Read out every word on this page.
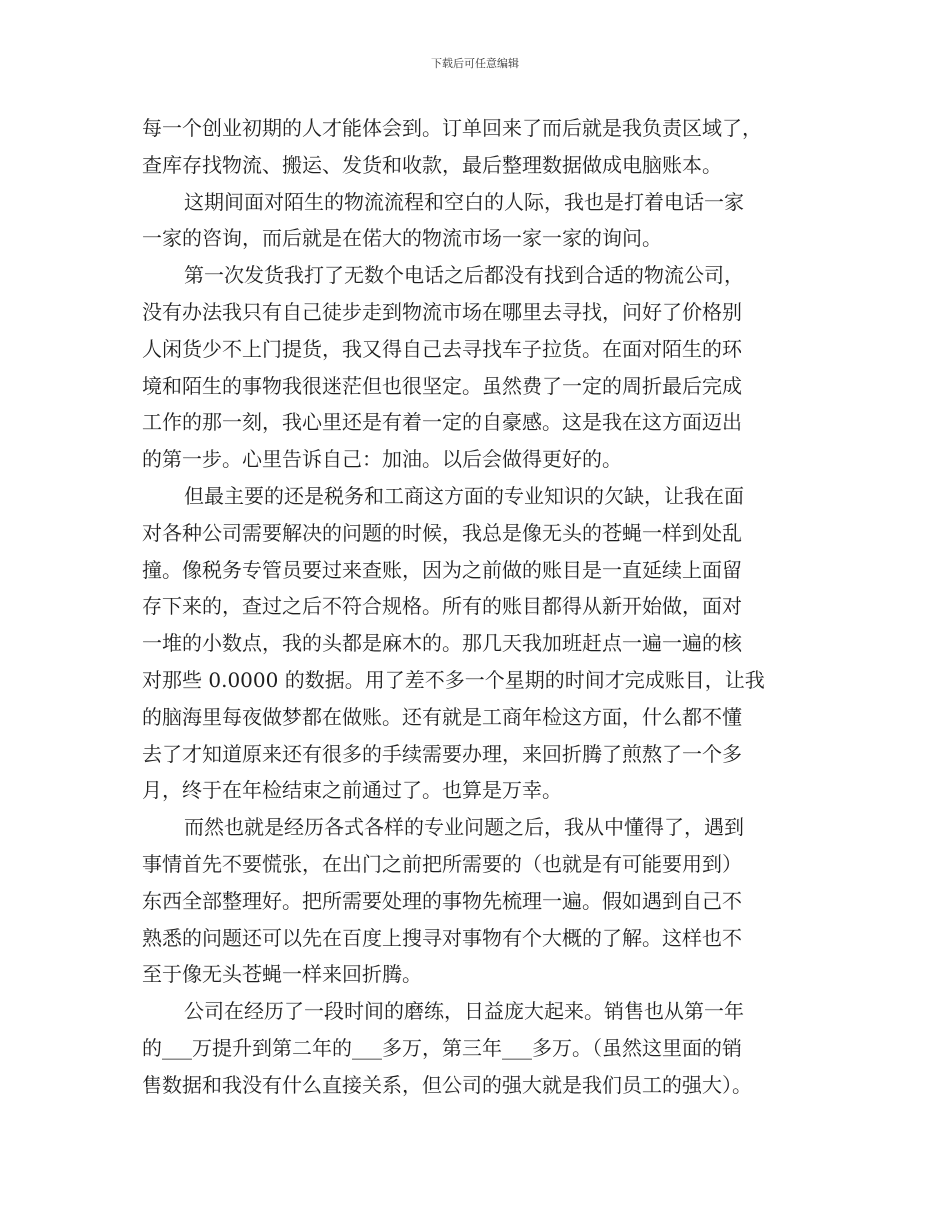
下载后可任意编辑
每一个创业初期的人才能体会到。订单回来了而后就是我负责区域了，
查库存找物流、搬运、发货和收款，最后整理数据做成电脑账本。
这期间面对陌生的物流流程和空白的人际，我也是打着电话一家
一家的咨询，而后就是在偌大的物流市场一家一家的询问。
第一次发货我打了无数个电话之后都没有找到合适的物流公司，
没有办法我只有自己徒步走到物流市场在哪里去寻找，问好了价格别
人闲货少不上门提货，我又得自己去寻找车子拉货。在面对陌生的环
境和陌生的事物我很迷茫但也很坚定。虽然费了一定的周折最后完成
工作的那一刻，我心里还是有着一定的自豪感。这是我在这方面迈出
的第一步。心里告诉自己：加油。以后会做得更好的。
但最主要的还是税务和工商这方面的专业知识的欠缺，让我在面
对各种公司需要解决的问题的时候，我总是像无头的苍蝇一样到处乱
撞。像税务专管员要过来查账，因为之前做的账目是一直延续上面留
存下来的，查过之后不符合规格。所有的账目都得从新开始做，面对
一堆的小数点，我的头都是麻木的。那几天我加班赶点一遍一遍的核
对那些 0.0000 的数据。用了差不多一个星期的时间才完成账目，让我
的脑海里每夜做梦都在做账。还有就是工商年检这方面，什么都不懂
去了才知道原来还有很多的手续需要办理，来回折腾了煎熬了一个多
月，终于在年检结束之前通过了。也算是万幸。
而然也就是经历各式各样的专业问题之后，我从中懂得了，遇到
事情首先不要慌张，在出门之前把所需要的（也就是有可能要用到）
东西全部整理好。把所需要处理的事物先梳理一遍。假如遇到自己不
熟悉的问题还可以先在百度上搜寻对事物有个大概的了解。这样也不
至于像无头苍蝇一样来回折腾。
公司在经历了一段时间的磨练，日益庞大起来。销售也从第一年
的___万提升到第二年的___多万，第三年___多万。（虽然这里面的销
售数据和我没有什么直接关系，但公司的强大就是我们员工的强大）。
